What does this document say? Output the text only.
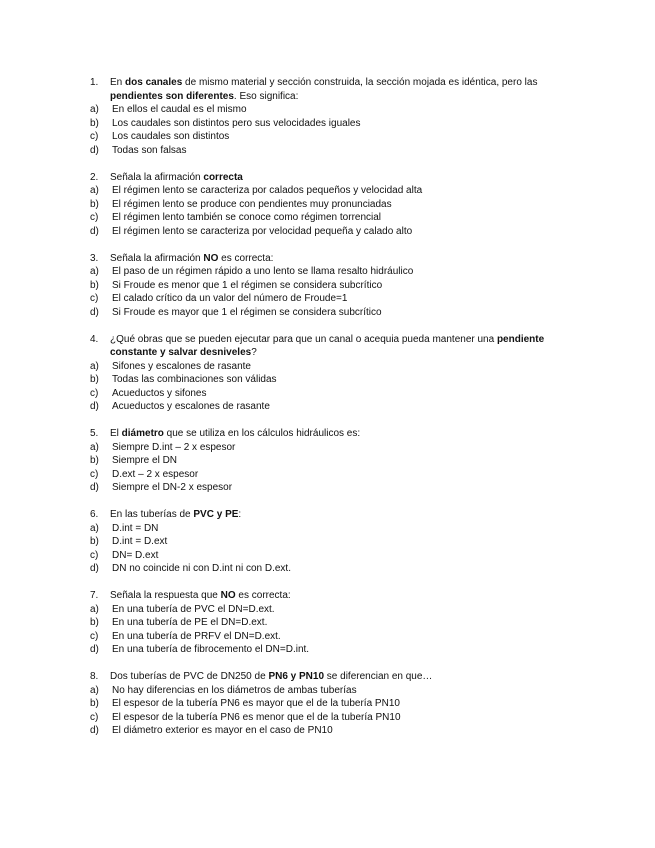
1.	En dos canales de mismo material y sección construida, la sección mojada es idéntica, pero las pendientes son diferentes. Eso significa:
a)	En ellos el caudal es el mismo
b)	Los caudales son distintos pero sus velocidades iguales
c)	Los caudales son distintos
d)	Todas son falsas
2.	Señala la afirmación correcta
a)	El régimen lento se caracteriza por calados pequeños y velocidad alta
b)	El régimen lento se produce con pendientes muy pronunciadas
c)	El régimen lento también se conoce como régimen torrencial
d)	El régimen lento se caracteriza por velocidad pequeña y calado alto
3.	Señala la afirmación NO es correcta:
a)	El paso de un régimen rápido a uno lento se llama resalto hidráulico
b)	Si Froude es menor que 1 el régimen se considera subcrítico
c)	El calado crítico da un valor del número de Froude=1
d)	Si Froude es mayor que 1 el régimen se considera subcrítico
4.	¿Qué obras que se pueden ejecutar para que un canal o acequia pueda mantener una pendiente constante y salvar desniveles?
a)	Sifones y escalones de rasante
b)	Todas las combinaciones son válidas
c)	Acueductos y sifones
d)	Acueductos y escalones de rasante
5.	El diámetro que se utiliza en los cálculos hidráulicos es:
a)	Siempre D.int – 2 x espesor
b)	Siempre el DN
c)	D.ext – 2 x espesor
d)	Siempre el DN-2 x espesor
6.	En las tuberías de PVC y PE:
a)	D.int = DN
b)	D.int = D.ext
c)	DN= D.ext
d)	DN no coincide ni con D.int ni con D.ext.
7.	Señala la respuesta que NO es correcta:
a)	En una tubería de PVC el DN=D.ext.
b)	En una tubería de PE el DN=D.ext.
c)	En una tubería de PRFV el DN=D.ext.
d)	En una tubería de fibrocemento el DN=D.int.
8.	Dos tuberías de PVC de DN250 de PN6 y PN10 se diferencian en que…
a)	No hay diferencias en los diámetros de ambas tuberías
b)	El espesor de la tubería PN6 es mayor que el de la tubería PN10
c)	El espesor de la tubería PN6 es menor que el de la tubería PN10
d)	El diámetro exterior es mayor en el caso de PN10
